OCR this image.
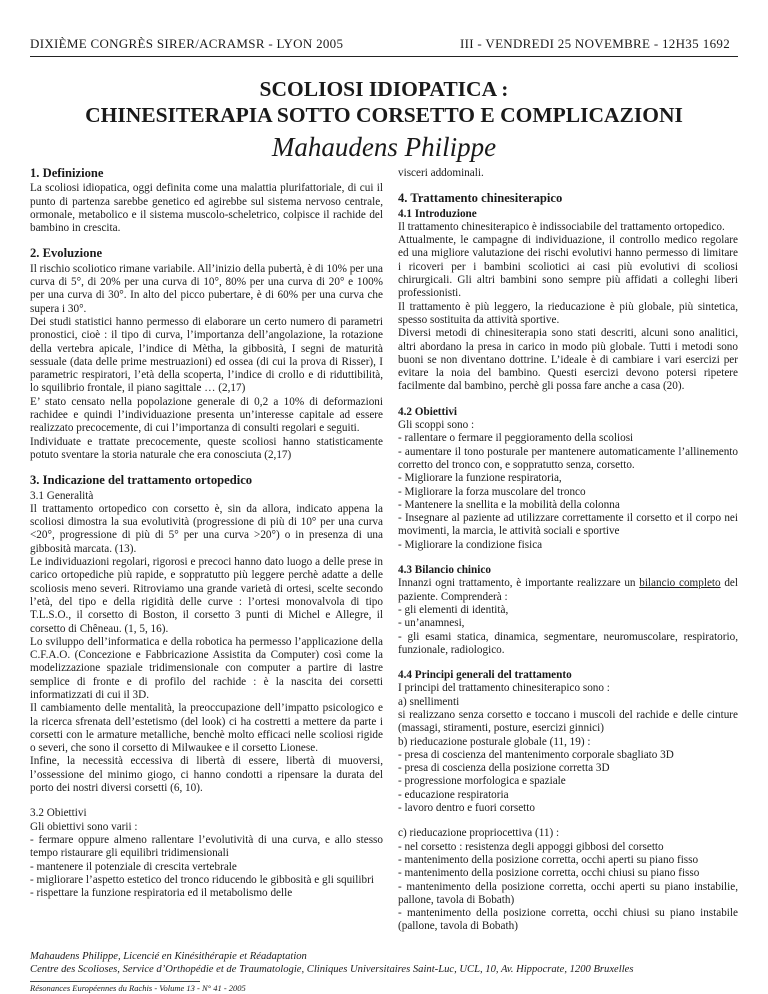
DIXIÈME CONGRÈS SIRER/ACRAMSR - LYON 2005	III - VENDREDI 25 NOVEMBRE - 12H35 1692
SCOLIOSI IDIOPATICA :
CHINESITERAPIA SOTTO CORSETTO E COMPLICAZIONI
Mahaudens Philippe
1. Definizione

La scoliosi idiopatica, oggi definita come una malattia plurifattoriale, di cui il punto di partenza sarebbe genetico ed agirebbe sul sistema nervoso centrale, ormonale, metabolico e il sistema muscolo-scheletrico, colpisce il rachide del bambino in crescita.

2. Evoluzione

Il rischio scoliotico rimane variabile. All’inizio della pubertà, è di 10% per una curva di 5°, di 20% per una curva di 10°, 80% per una curva di 20° e 100% per una curva di 30°. In alto del picco pubertare, è di 60% per una curva che supera i 30°.

Dei studi statistici hanno permesso di elaborare un certo numero di parametri pronostici, cioè : il tipo di curva, l’importanza dell’angolazione, la rotazione della vertebra apicale, l’indice di Mètha, la gibbosità, I segni de maturità sessuale (data delle prime mestruazioni) ed ossea (di cui la prova di Risser), I parametric respiratori, l’età della scoperta, l’indice di crollo e di riduttibilità, lo squilibrio frontale, il piano sagittale … (2,17)

E’ stato censato nella popolazione generale di 0,2 a 10% di deformazioni rachidee e quindi l’individuazione presenta un’interesse capitale ad essere realizzato precocemente, di cui l’importanza di consulti regolari e seguiti.

Individuate e trattate precocemente, queste scoliosi hanno statisticamente potuto sventare la storia naturale che era conosciuta (2,17)

3. Indicazione del trattamento ortopedico
3.1 Generalità

Il trattamento ortopedico con corsetto è, sin da allora, indicato appena la scoliosi dimostra la sua evolutività (progressione di più di 10° per una curva <20°, progressione di più di 5° per una curva >20°) o in presenza di una gibbosità marcata. (13).

Le individuazioni regolari, rigorosi e precoci hanno dato luogo a delle prese in carico ortopediche più rapide, e soppratutto più leggere perchè adatte a delle scoliosis meno severi. Ritroviamo una grande varietà di ortesi, scelte secondo l’età, del tipo e della rigidità delle curve : l’ortesi monovalvola di tipo T.L.S.O., il corsetto di Boston, il corsetto 3 punti di Michel e Allegre, il corsetto di Chêneau. (1, 5, 16).

Lo sviluppo dell’informatica e della robotica ha permesso l’applicazione della C.F.A.O. (Concezione e Fabbricazione Assistita da Computer) così come la modelizzazione spaziale tridimensionale con computer a partire di lastre semplice di fronte e di profilo del rachide : è la nascita dei corsetti informatizzati di cui il 3D.

Il cambiamento delle mentalità, la preoccupazione dell’impatto psicologico e la ricerca sfrenata dell’estetismo (del look) ci ha costretti a mettere da parte i corsetti con le armature metalliche, benchè molto efficaci nelle scoliosi rigide o severi, che sono il corsetto di Milwaukee e il corsetto Lionese.

Infine, la necessità eccessiva di libertà di essere, libertà di muoversi, l’ossessione del minimo giogo, ci hanno condotti a ripensare la durata del porto dei nostri diversi corsetti (6, 10).

3.2 Obiettivi

Gli obiettivi sono varii :

- fermare oppure almeno rallentare l’evolutività di una curva, e allo stesso tempo ristaurare gli equilibri tridimensionali

- mantenere il potenziale di crescita vertebrale

- migliorare l’aspetto estetico del tronco riducendo le gibbosità e gli squilibri

- rispettare la funzione respiratoria ed il metabolismo delle

visceri addominali.

4. Trattamento chinesiterapico
4.1 Introduzione

Il trattamento chinesiterapico è indissociabile del trattamento ortopedico.

Attualmente, le campagne di individuazione, il controllo medico regolare ed una migliore valutazione dei rischi evolutivi hanno permesso di limitare i ricoveri per i bambini scoliotici ai casi più evolutivi di scoliosi chirurgicali. Gli altri bambini sono sempre più affidati a colleghi liberi professionisti.

Il trattamento è più leggero, la rieducazione è più globale, più sintetica, spesso sostituita da attività sportive.

Diversi metodi di chinesiterapia sono stati descriti, alcuni sono analitici, altri abordano la presa in carico in modo più globale. Tutti i metodi sono buoni se non diventano dottrine. L’ideale è di cambiare i vari esercizi per evitare la noia del bambino. Questi esercizi devono potersi ripetere facilmente dal bambino, perchè gli possa fare anche a casa (20).

4.2 Obiettivi

Gli scoppi sono :

- rallentare o fermare il peggioramento della scoliosi

- aumentare il tono posturale per mantenere automaticamente l’allinemento corretto del tronco con, e soppratutto senza, corsetto.

- Migliorare la funzione respiratoria,

- Migliorare la forza muscolare del tronco

- Mantenere la snellita e la mobilità della colonna

- Insegnare al paziente ad utilizzare correttamente il corsetto et il corpo nei movimenti, la marcia, le attività sociali e sportive

- Migliorare la condizione fisica

4.3 Bilancio chinico

Innanzi ogni trattamento, è importante realizzare un bilancio completo del paziente. Comprenderà :

- gli elementi di identità,

- un’anamnesi,

- gli esami statica, dinamica, segmentare, neuromuscolare, respiratorio, funzionale, radiologico.

4.4 Principi generali del trattamento

I principi del trattamento chinesiterapico sono :

a) snellimenti

si realizzano senza corsetto e toccano i muscoli del rachide e delle cinture (massagi, stiramenti, posture, esercizi ginnici)

b) rieducazione posturale globale (11, 19) :

- presa di coscienza del mantenimento corporale sbagliato 3D

- presa di coscienza della posizione corretta 3D

- progressione morfologica e spaziale

- educazione respiratoria

- lavoro dentro e fuori corsetto

c) rieducazione propriocettiva (11) :

- nel corsetto : resistenza degli appoggi gibbosi del corsetto

- mantenimento della posizione corretta, occhi aperti su piano fisso

- mantenimento della posizione corretta, occhi chiusi su piano fisso

- mantenimento della posizione corretta, occhi aperti su piano instabilie, pallone, tavola di Bobath)

- mantenimento della posizione corretta, occhi chiusi su piano instabile (pallone, tavola di Bobath)

Mahaudens Philippe, Licencié en Kinésithérapie et Réadaptation
Centre des Scolioses, Service d’Orthopédie et de Traumatologie, Cliniques Universitaires Saint-Luc, UCL, 10, Av. Hippocrate, 1200 Bruxelles
Résonances Européennes du Rachis - Volume 13 - N° 41 - 2005
